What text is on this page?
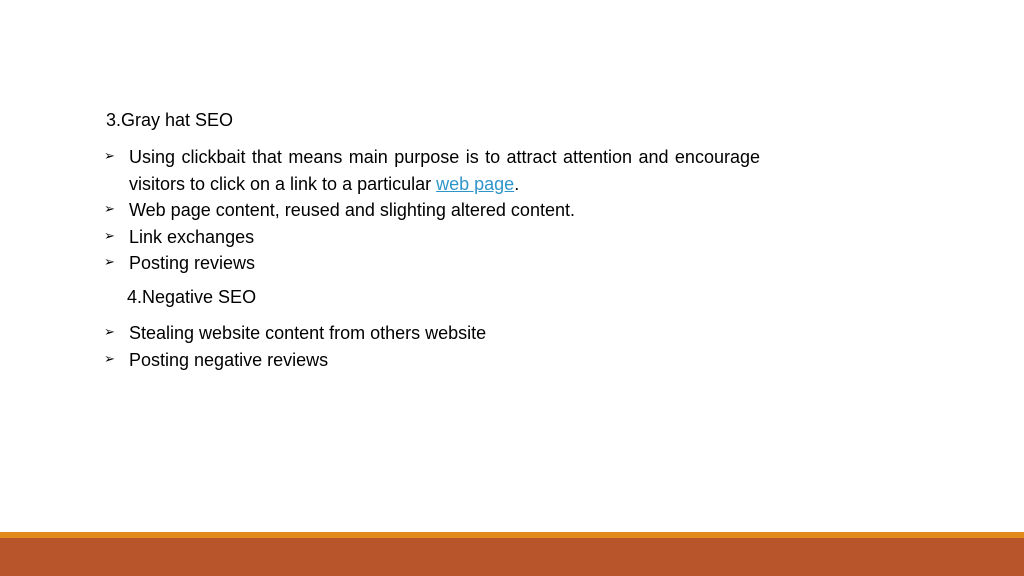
3.Gray hat SEO
➢ Using clickbait that means main purpose is to attract attention and encourage visitors to click on a link to a particular web page.
➢ Web page content, reused and slighting altered content.
➢ Link exchanges
➢ Posting reviews
4.Negative SEO
➢ Stealing website content from others website
➢ Posting negative reviews
